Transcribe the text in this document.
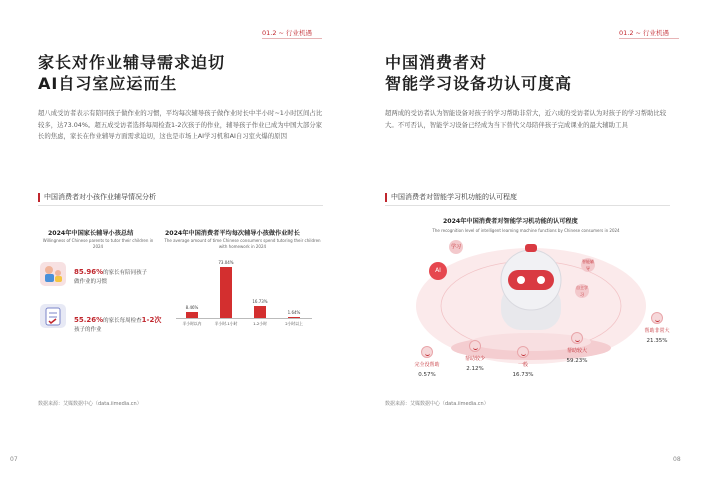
01.2 ~ 行业机遇
家长对作业辅导需求迫切
AI自习室应运而生
超八成受访者表示有陪同孩子做作业的习惯，平均每次辅导孩子做作业时长中半小时~1小时区间占比较多，达73.04%。超五成受访者选择每周检查1-2次孩子的作业，辅导孩子作业已成为中国大部分家长的焦虑，家长在作业辅导方面需求迫切，这也是市场上AI学习机和AI自习室火爆的原因
中国消费者对小孩作业辅导情况分析
2024年中国家长辅导小孩总结
Willingness of Chinese parents to tutor their children in 2024
85.96%的家长有陪同孩子
做作业的习惯
55.26%的家长每周检查1-2次
孩子的作业
2024年中国消费者平均每次辅导小孩做作业时长
The average amount of time Chinese consumers spend tutoring their children with homework in 2024
8.46%
半小时以内
73.04%
半小时-1小时
16.73%
1-2小时
1.64%
2小时以上
数据来源：艾媒数据中心（data.iimedia.cn）
07
01.2 ~ 行业机遇
中国消费者对
智能学习设备功认可度高
超两成的受访者认为智能设备对孩子的学习帮助非常大，近六成的受访者认为对孩子的学习帮助比较大。不可否认，智能学习设备已经成为当下替代父母陪伴孩子完成课业的最大辅助工具
中国消费者对智能学习机功能的认可程度
2024年中国消费者对智能学习机功能的认可程度
The recognition level of intelligent learning machine functions by Chinese consumers in 2024
AI
学习
智能辅导
自主学习
完全没帮助
0.57%
帮助较少
2.12%
一般
16.73%
帮助较大
59.23%
帮助非常大
21.35%
数据来源：艾媒数据中心（data.iimedia.cn）
08
